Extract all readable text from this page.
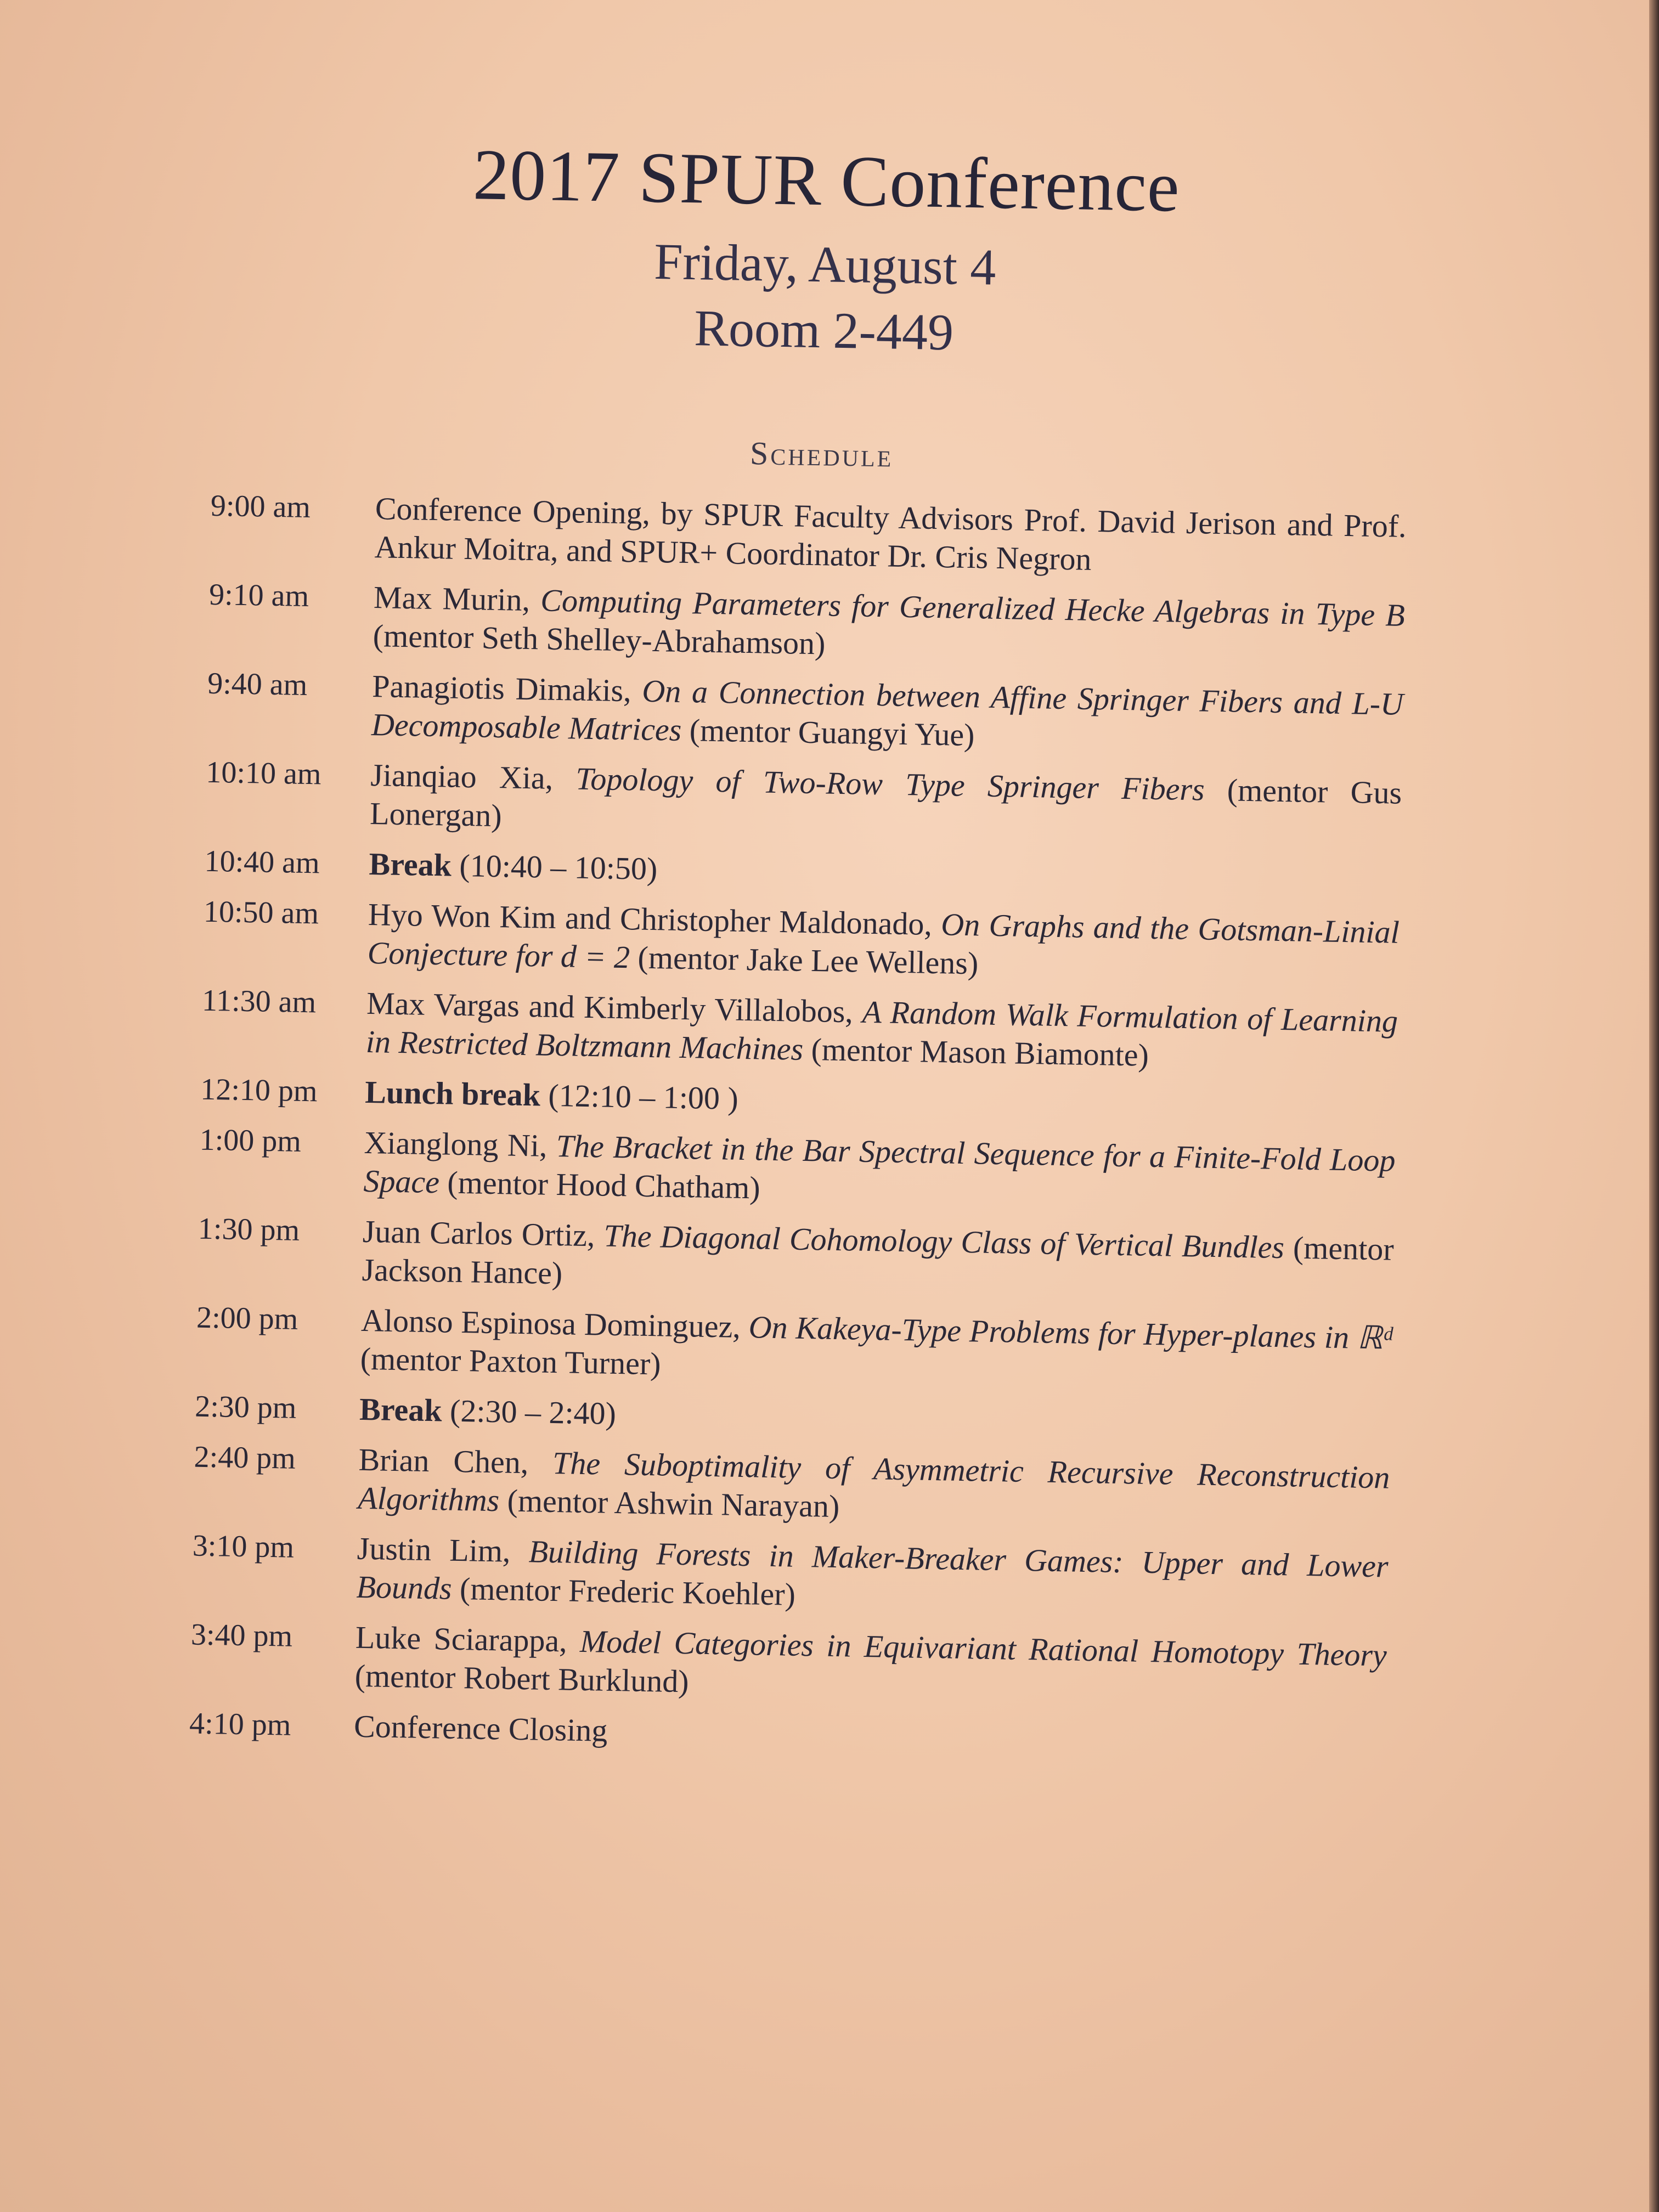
2017 SPUR Conference
Friday, August 4
Room 2-449
Schedule
9:00 am	Conference Opening, by SPUR Faculty Advisors Prof. David Jerison and Prof. Ankur Moitra, and SPUR+ Coordinator Dr. Cris Negron
9:10 am	Max Murin, Computing Parameters for Generalized Hecke Algebras in Type B (mentor Seth Shelley-Abrahamson)
9:40 am	Panagiotis Dimakis, On a Connection between Affine Springer Fibers and L-U Decomposable Matrices (mentor Guangyi Yue)
10:10 am	Jianqiao Xia, Topology of Two-Row Type Springer Fibers (mentor Gus Lonergan)
10:40 am	Break (10:40 – 10:50)
10:50 am	Hyo Won Kim and Christopher Maldonado, On Graphs and the Gotsman-Linial Conjecture for d = 2 (mentor Jake Lee Wellens)
11:30 am	Max Vargas and Kimberly Villalobos, A Random Walk Formulation of Learning in Restricted Boltzmann Machines (mentor Mason Biamonte)
12:10 pm	Lunch break (12:10 – 1:00 )
1:00 pm	Xianglong Ni, The Bracket in the Bar Spectral Sequence for a Finite-Fold Loop Space (mentor Hood Chatham)
1:30 pm	Juan Carlos Ortiz, The Diagonal Cohomology Class of Vertical Bundles (mentor Jackson Hance)
2:00 pm	Alonso Espinosa Dominguez, On Kakeya-Type Problems for Hyper-planes in ℝᵈ (mentor Paxton Turner)
2:30 pm	Break (2:30 – 2:40)
2:40 pm	Brian Chen, The Suboptimality of Asymmetric Recursive Reconstruction Algorithms (mentor Ashwin Narayan)
3:10 pm	Justin Lim, Building Forests in Maker-Breaker Games: Upper and Lower Bounds (mentor Frederic Koehler)
3:40 pm	Luke Sciarappa, Model Categories in Equivariant Rational Homotopy Theory (mentor Robert Burklund)
4:10 pm	Conference Closing
